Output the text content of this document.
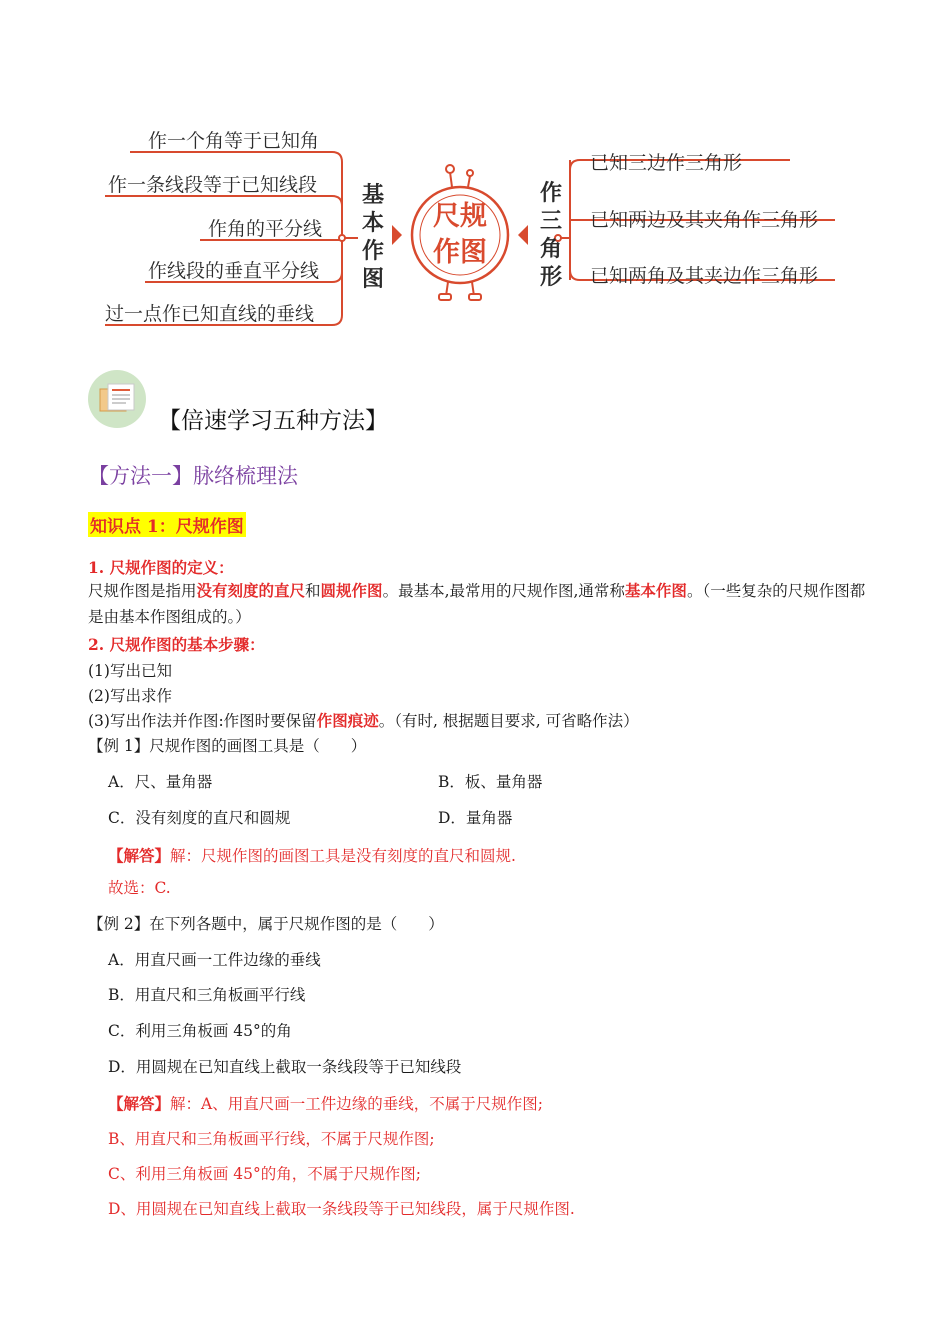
作一个角等于已知角
作一条线段等于已知线段
作角的平分线
作线段的垂直平分线
过一点作已知直线的垂线
基本作图
作三角形
尺规
作图
已知三边作三角形
已知两边及其夹角作三角形
已知两角及其夹边作三角形
【倍速学习五种方法】
【方法一】脉络梳理法
知识点 1：尺规作图
1. 尺规作图的定义：
尺规作图是指用没有刻度的直尺和圆规作图。最基本,最常用的尺规作图,通常称基本作图。（一些复杂的尺规作图都是由基本作图组成的。）
2. 尺规作图的基本步骤：
(1)写出已知
(2)写出求作
(3)写出作法并作图:作图时要保留作图痕迹。（有时, 根据题目要求, 可省略作法）
【例 1】尺规作图的画图工具是（　　）
A．尺、量角器	B．板、量角器
C．没有刻度的直尺和圆规	D．量角器
【解答】解：尺规作图的画图工具是没有刻度的直尺和圆规.
故选：C.
【例 2】在下列各题中，属于尺规作图的是（　　）
A．用直尺画一工件边缘的垂线
B．用直尺和三角板画平行线
C．利用三角板画 45°的角
D．用圆规在已知直线上截取一条线段等于已知线段
【解答】解：A、用直尺画一工件边缘的垂线，不属于尺规作图;
B、用直尺和三角板画平行线，不属于尺规作图;
C、利用三角板画 45°的角，不属于尺规作图;
D、用圆规在已知直线上截取一条线段等于已知线段，属于尺规作图.
